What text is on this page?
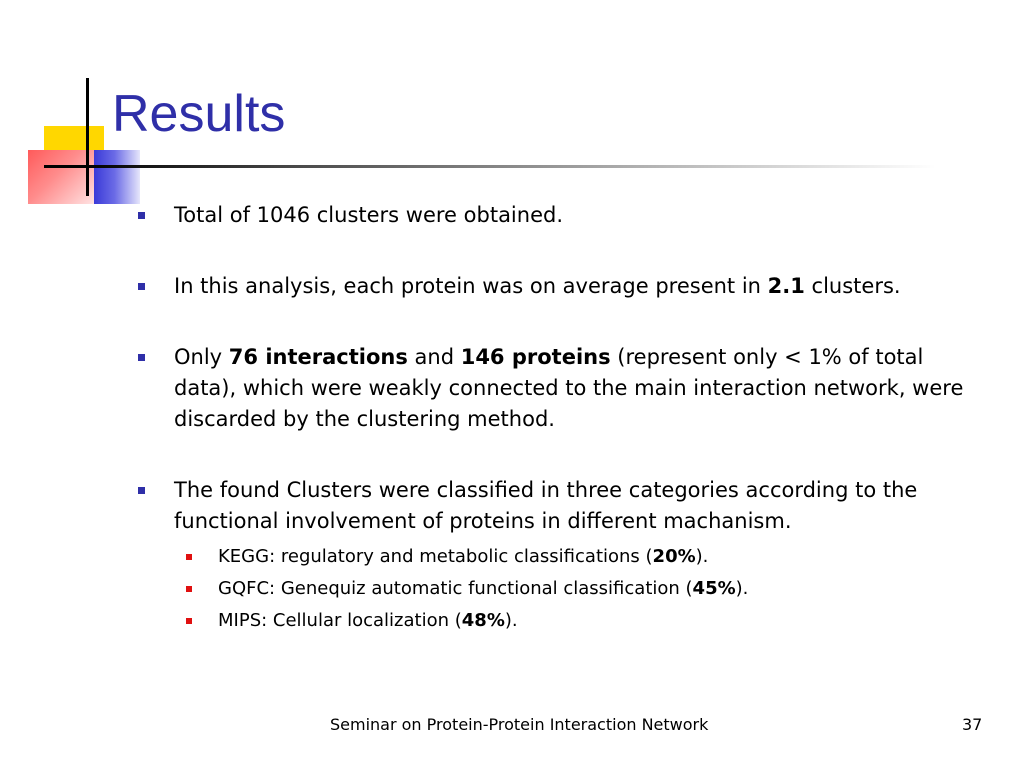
Results
Total of 1046 clusters were obtained.
In this analysis, each protein was on average present in 2.1 clusters.
Only 76 interactions and 146 proteins (represent only < 1% of total data), which were weakly connected to the main interaction network, were discarded by the clustering method.
The found Clusters were classified in three categories according to the functional involvement of proteins in different machanism.
KEGG: regulatory and metabolic classifications (20%).
GQFC: Genequiz automatic functional classification (45%).
MIPS: Cellular localization (48%).
Seminar on Protein-Protein Interaction Network	37
